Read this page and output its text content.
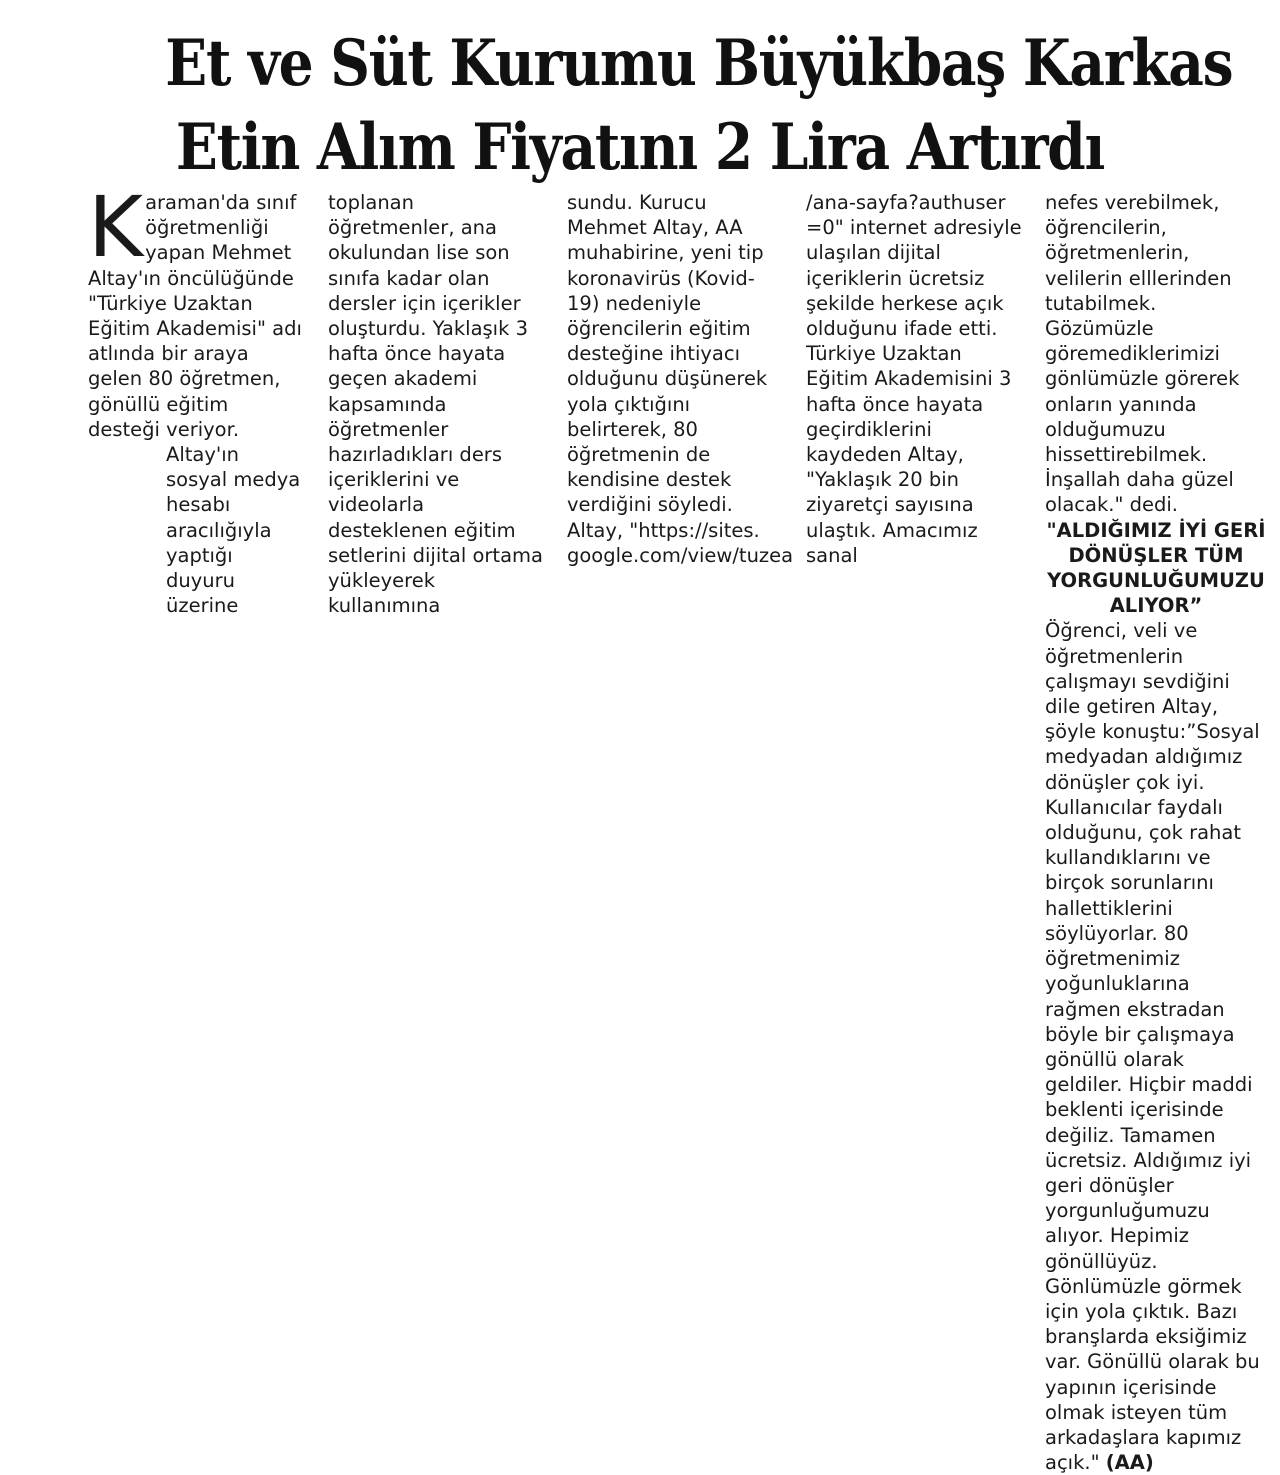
Et ve Süt Kurumu Büyükbaş Karkas
Etin Alım Fiyatını 2 Lira Artırdı

Karaman'da sınıf öğretmenliği yapan Mehmet Altay'ın öncülüğünde "Türkiye Uzaktan Eğitim Akademisi" adı atlında bir araya gelen 80 öğretmen, gönüllü eğitim desteği veriyor.

Altay'ın sosyal medya hesabı aracılığıyla yaptığı duyuru üzerine

toplanan öğretmenler, ana okulundan lise son sınıfa kadar olan dersler için içerikler oluşturdu. Yaklaşık 3 hafta önce hayata geçen akademi kapsamında öğretmenler hazırladıkları ders içeriklerini ve videolarla desteklenen eğitim setlerini dijital ortama yükleyerek kullanımına

sundu. Kurucu Mehmet Altay, AA muhabirine, yeni tip koronavirüs (Kovid-19) nedeniyle öğrencilerin eğitim desteğine ihtiyacı olduğunu düşünerek yola çıktığını belirterek, 80 öğretmenin de kendisine destek verdiğini söyledi. Altay, "https://sites. google.com/view/tuzea

/ana-sayfa?authuser =0" internet adresiyle ulaşılan dijital içeriklerin ücretsiz şekilde herkese açık olduğunu ifade etti. Türkiye Uzaktan Eğitim Akademisini 3 hafta önce hayata geçirdiklerini kaydeden Altay, "Yaklaşık 20 bin ziyaretçi sayısına ulaştık. Amacımız sanal

nefes verebilmek, öğrencilerin, öğretmenlerin, velilerin elllerinden tutabilmek. Gözümüzle göremediklerimizi gönlümüzle görerek onların yanında olduğumuzu hissettirebilmek. İnşallah daha güzel olacak." dedi.

"ALDIĞIMIZ İYİ GERİ DÖNÜŞLER TÜM YORGUNLUĞUMUZU ALIYOR”

Öğrenci, veli ve öğretmenlerin çalışmayı sevdiğini dile getiren Altay, şöyle konuştu:”Sosyal medyadan aldığımız dönüşler çok iyi. Kullanıcılar faydalı olduğunu, çok rahat kullandıklarını ve birçok sorunlarını hallettiklerini söylüyorlar. 80 öğretmenimiz yoğunluklarına rağmen ekstradan böyle bir çalışmaya gönüllü olarak geldiler. Hiçbir maddi beklenti içerisinde değiliz. Tamamen ücretsiz. Aldığımız iyi geri dönüşler yorgunluğumuzu alıyor. Hepimiz gönüllüyüz. Gönlümüzle görmek için yola çıktık. Bazı branşlarda eksiğimiz var. Gönüllü olarak bu yapının içerisinde olmak isteyen tüm arkadaşlara kapımız açık." (AA)
